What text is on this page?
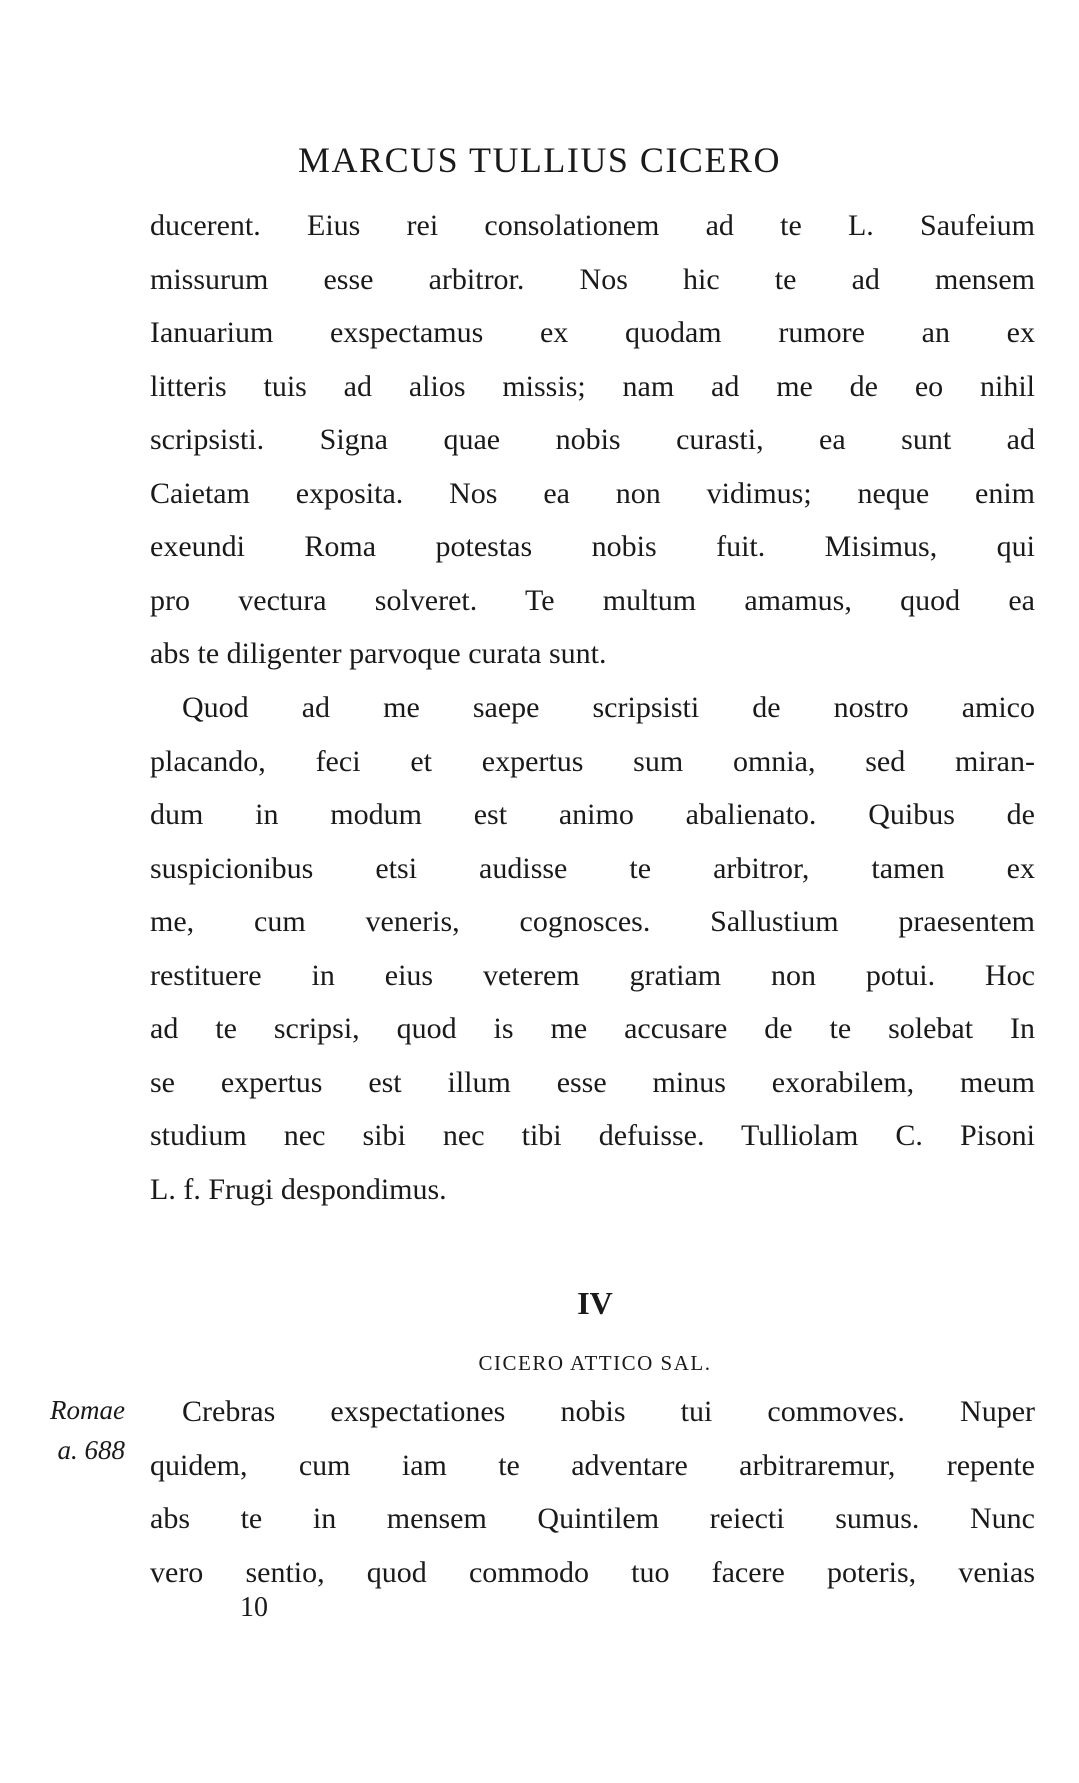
MARCUS TULLIUS CICERO
ducerent. Eius rei consolationem ad te L. Saufeium
missurum esse arbitror. Nos hic te ad mensem
Ianuarium exspectamus ex quodam rumore an ex
litteris tuis ad alios missis; nam ad me de eo nihil
scripsisti. Signa quae nobis curasti, ea sunt ad
Caietam exposita. Nos ea non vidimus; neque enim
exeundi Roma potestas nobis fuit. Misimus, qui
pro vectura solveret. Te multum amamus, quod ea
abs te diligenter parvoque curata sunt.
Quod ad me saepe scripsisti de nostro amico
placando, feci et expertus sum omnia, sed miran-
dum in modum est animo abalienato. Quibus de
suspicionibus etsi audisse te arbitror, tamen ex
me, cum veneris, cognosces. Sallustium praesentem
restituere in eius veterem gratiam non potui. Hoc
ad te scripsi, quod is me accusare de te solebat In
se expertus est illum esse minus exorabilem, meum
studium nec sibi nec tibi defuisse. Tulliolam C. Pisoni
L. f. Frugi despondimus.
IV
CICERO ATTICO SAL.
Romae
a. 688
Crebras exspectationes nobis tui commoves. Nuper
quidem, cum iam te adventare arbitraremur, repente
abs te in mensem Quintilem reiecti sumus. Nunc
vero sentio, quod commodo tuo facere poteris, venias
10
